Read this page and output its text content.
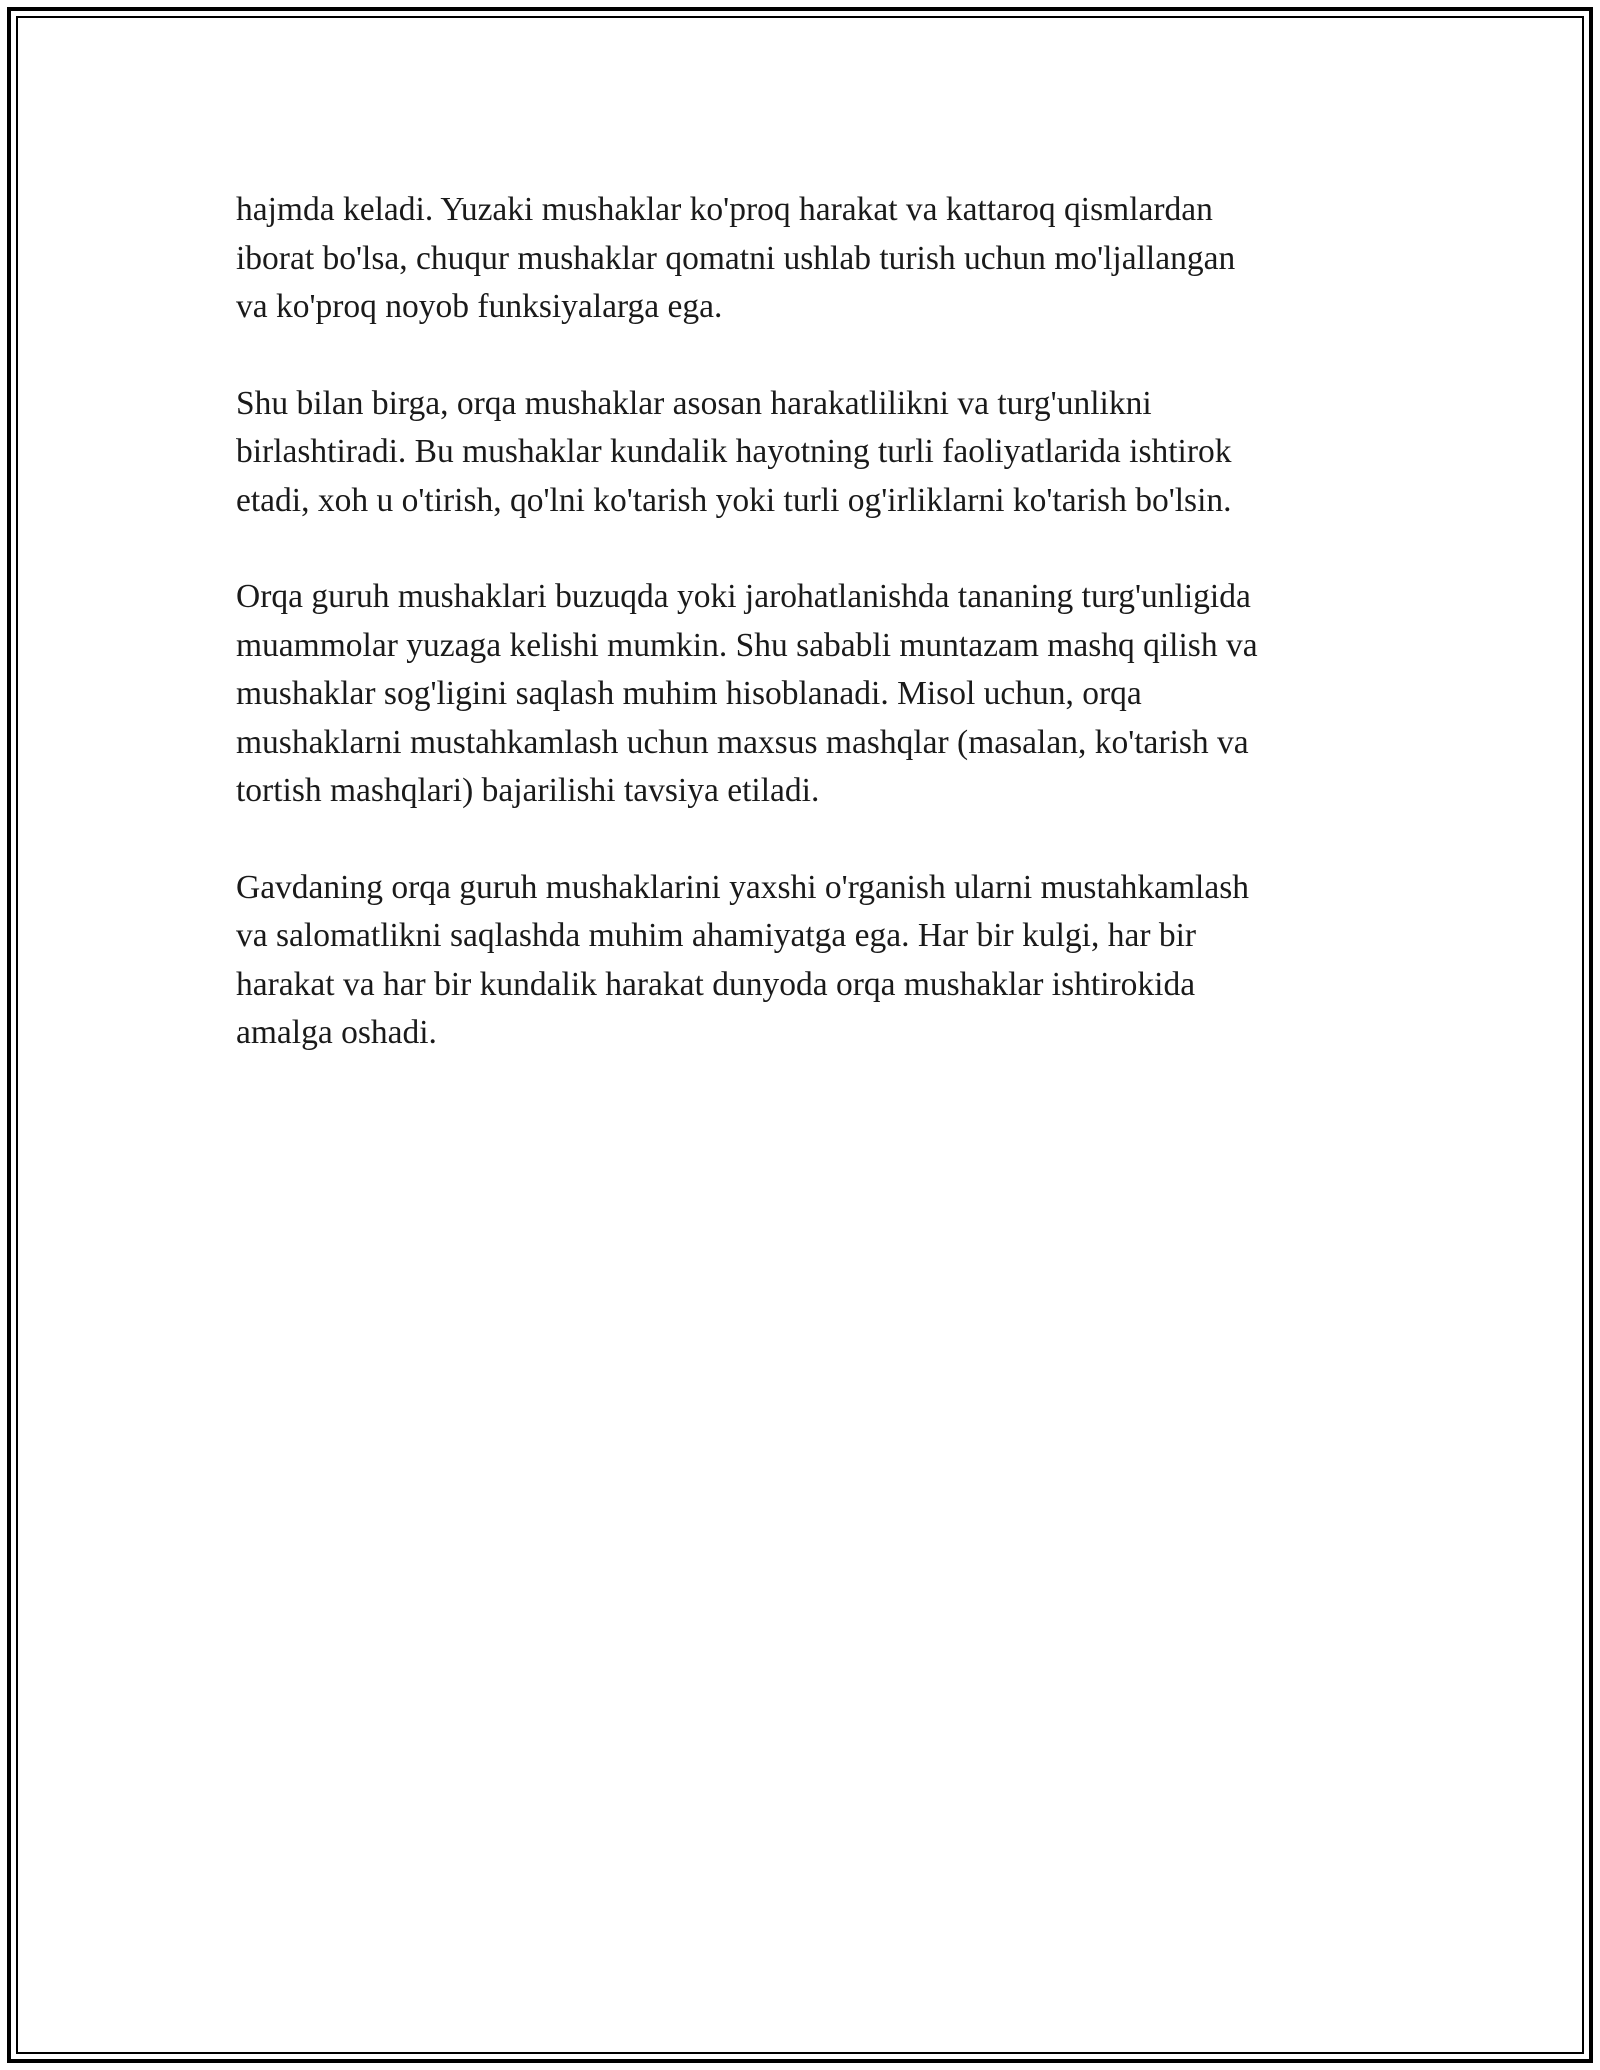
hajmda keladi. Yuzaki mushaklar ko'proq harakat va kattaroq qismlardan
iborat bo'lsa, chuqur mushaklar qomatni ushlab turish uchun mo'ljallangan
va ko'proq noyob funksiyalarga ega.

Shu bilan birga, orqa mushaklar asosan harakatlilikni va turg'unlikni
birlashtiradi. Bu mushaklar kundalik hayotning turli faoliyatlarida ishtirok
etadi, xoh u o'tirish, qo'lni ko'tarish yoki turli og'irliklarni ko'tarish bo'lsin.

Orqa guruh mushaklari buzuqda yoki jarohatlanishda tananing turg'unligida
muammolar yuzaga kelishi mumkin. Shu sababli muntazam mashq qilish va
mushaklar sog'ligini saqlash muhim hisoblanadi. Misol uchun, orqa
mushaklarni mustahkamlash uchun maxsus mashqlar (masalan, ko'tarish va
tortish mashqlari) bajarilishi tavsiya etiladi.

Gavdaning orqa guruh mushaklarini yaxshi o'rganish ularni mustahkamlash
va salomatlikni saqlashda muhim ahamiyatga ega. Har bir kulgi, har bir
harakat va har bir kundalik harakat dunyoda orqa mushaklar ishtirokida
amalga oshadi.
